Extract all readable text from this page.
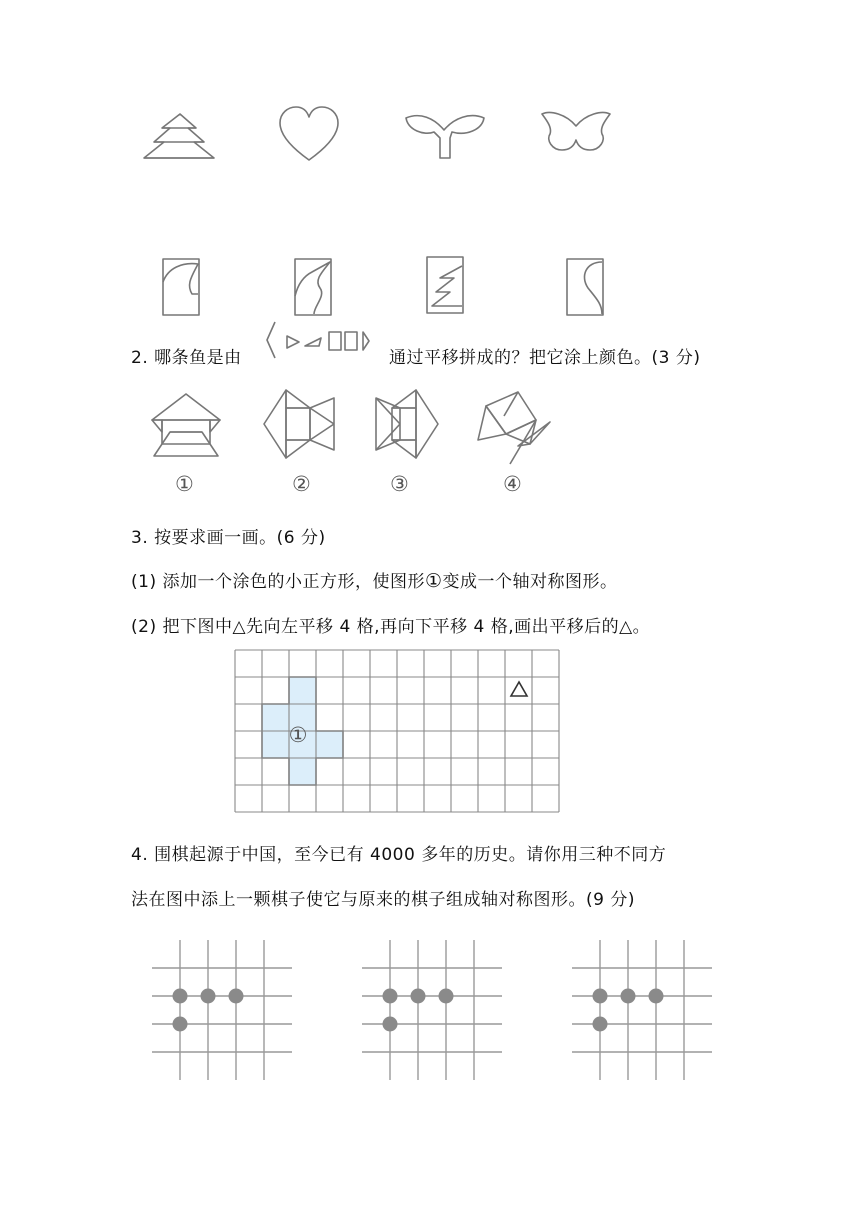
2. 哪条鱼是由	通过平移拼成的？把它涂上颜色。(3 分)
①	②	③	④
3. 按要求画一画。(6 分)
(1) 添加一个涂色的小正方形，使图形①变成一个轴对称图形。
(2) 把下图中△先向左平移 4 格,再向下平移 4 格,画出平移后的△。
①
4. 围棋起源于中国，至今已有 4000 多年的历史。请你用三种不同方
法在图中添上一颗棋子使它与原来的棋子组成轴对称图形。(9 分)
